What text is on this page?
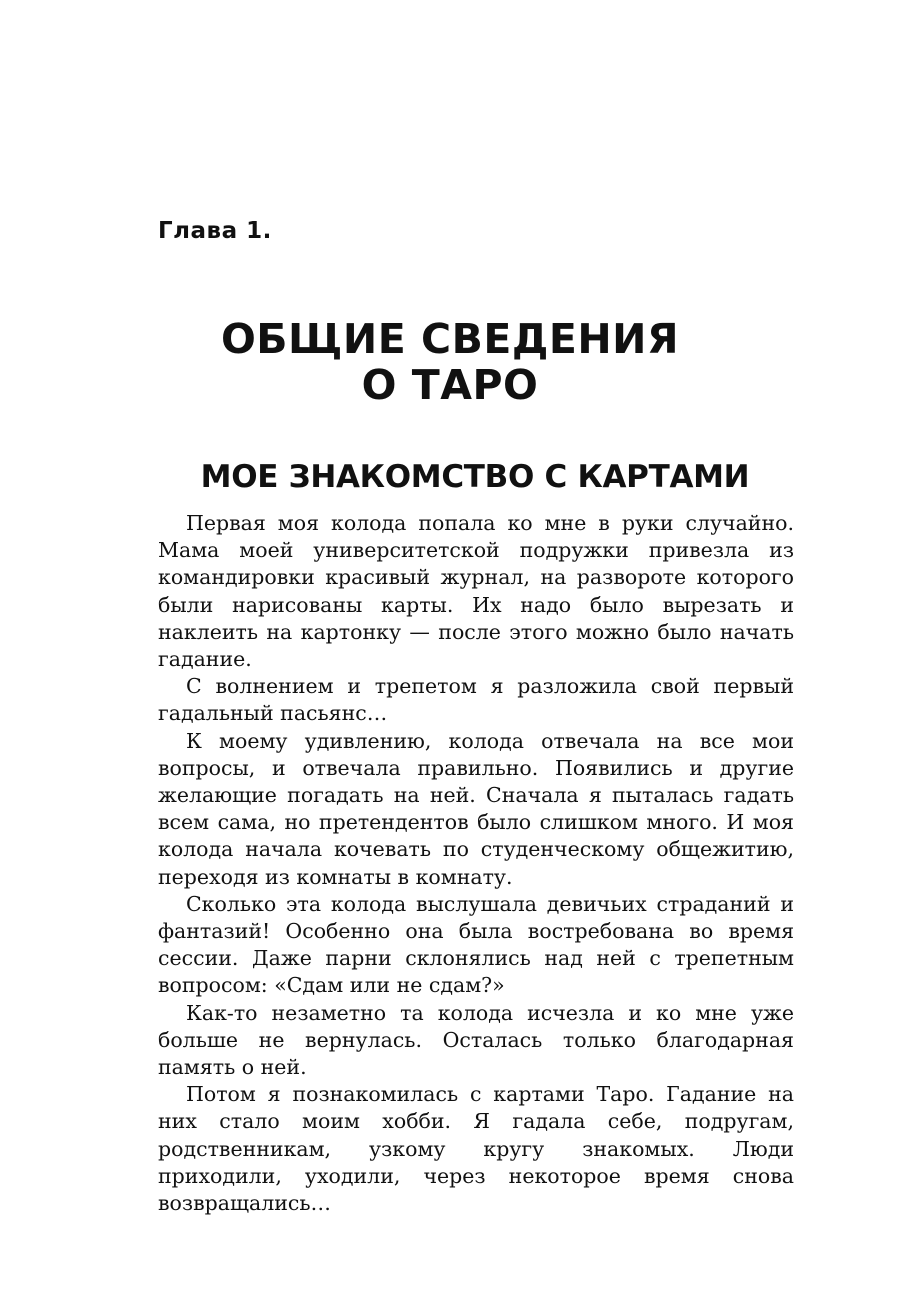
Глава 1.
ОБЩИЕ СВЕДЕНИЯ
О ТАРО
МОЕ ЗНАКОМСТВО С КАРТАМИ

Первая моя колода попала ко мне в руки случайно. Мама моей университетской подружки привезла из командировки красивый журнал, на развороте которого были нарисованы карты. Их надо было вырезать и наклеить на картонку — после этого можно было начать гадание.

С волнением и трепетом я разложила свой первый гадальный пасьянс…

К моему удивлению, колода отвечала на все мои вопросы, и отвечала правильно. Появились и другие желающие погадать на ней. Сначала я пыталась гадать всем сама, но претендентов было слишком много. И моя колода начала кочевать по студенческому общежитию, переходя из комнаты в комнату.

Сколько эта колода выслушала девичьих страданий и фантазий! Особенно она была востребована во время сессии. Даже парни склонялись над ней с трепетным вопросом: «Сдам или не сдам?»

Как-то незаметно та колода исчезла и ко мне уже больше не вернулась. Осталась только благодарная память о ней.

Потом я познакомилась с картами Таро. Гадание на них стало моим хобби. Я гадала себе, подругам, родственникам, узкому кругу знакомых. Люди приходили, уходили, через некоторое время снова возвращались…
